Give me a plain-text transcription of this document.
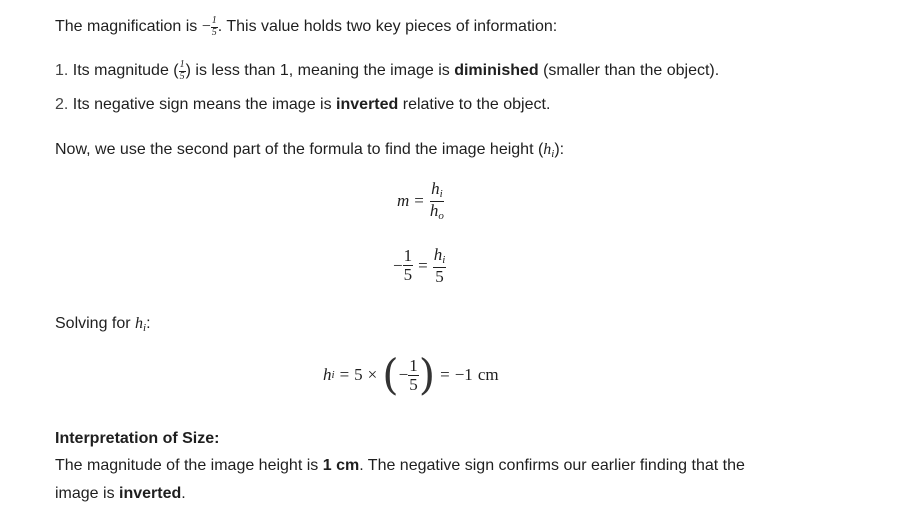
The magnification is − $\frac{1}{5}$ . This value holds two key pieces of information:
1. Its magnitude ( $\frac{1}{5}$ ) is less than 1, meaning the image is diminished (smaller than the object).
2. Its negative sign means the image is inverted relative to the object.
Now, we use the second part of the formula to find the image height $(h_i)$:
$m = \frac{h_i}{h_o}$
− $\frac{1}{5} = \frac{h_i}{5}$
Solving for $h_i$:
h i = 5 × ( − $\frac{1}{5}$ ) = −1 cm
Interpretation of Size:
The magnitude of the image height is 1 cm. The negative sign confirms our earlier finding that the
image is inverted.
